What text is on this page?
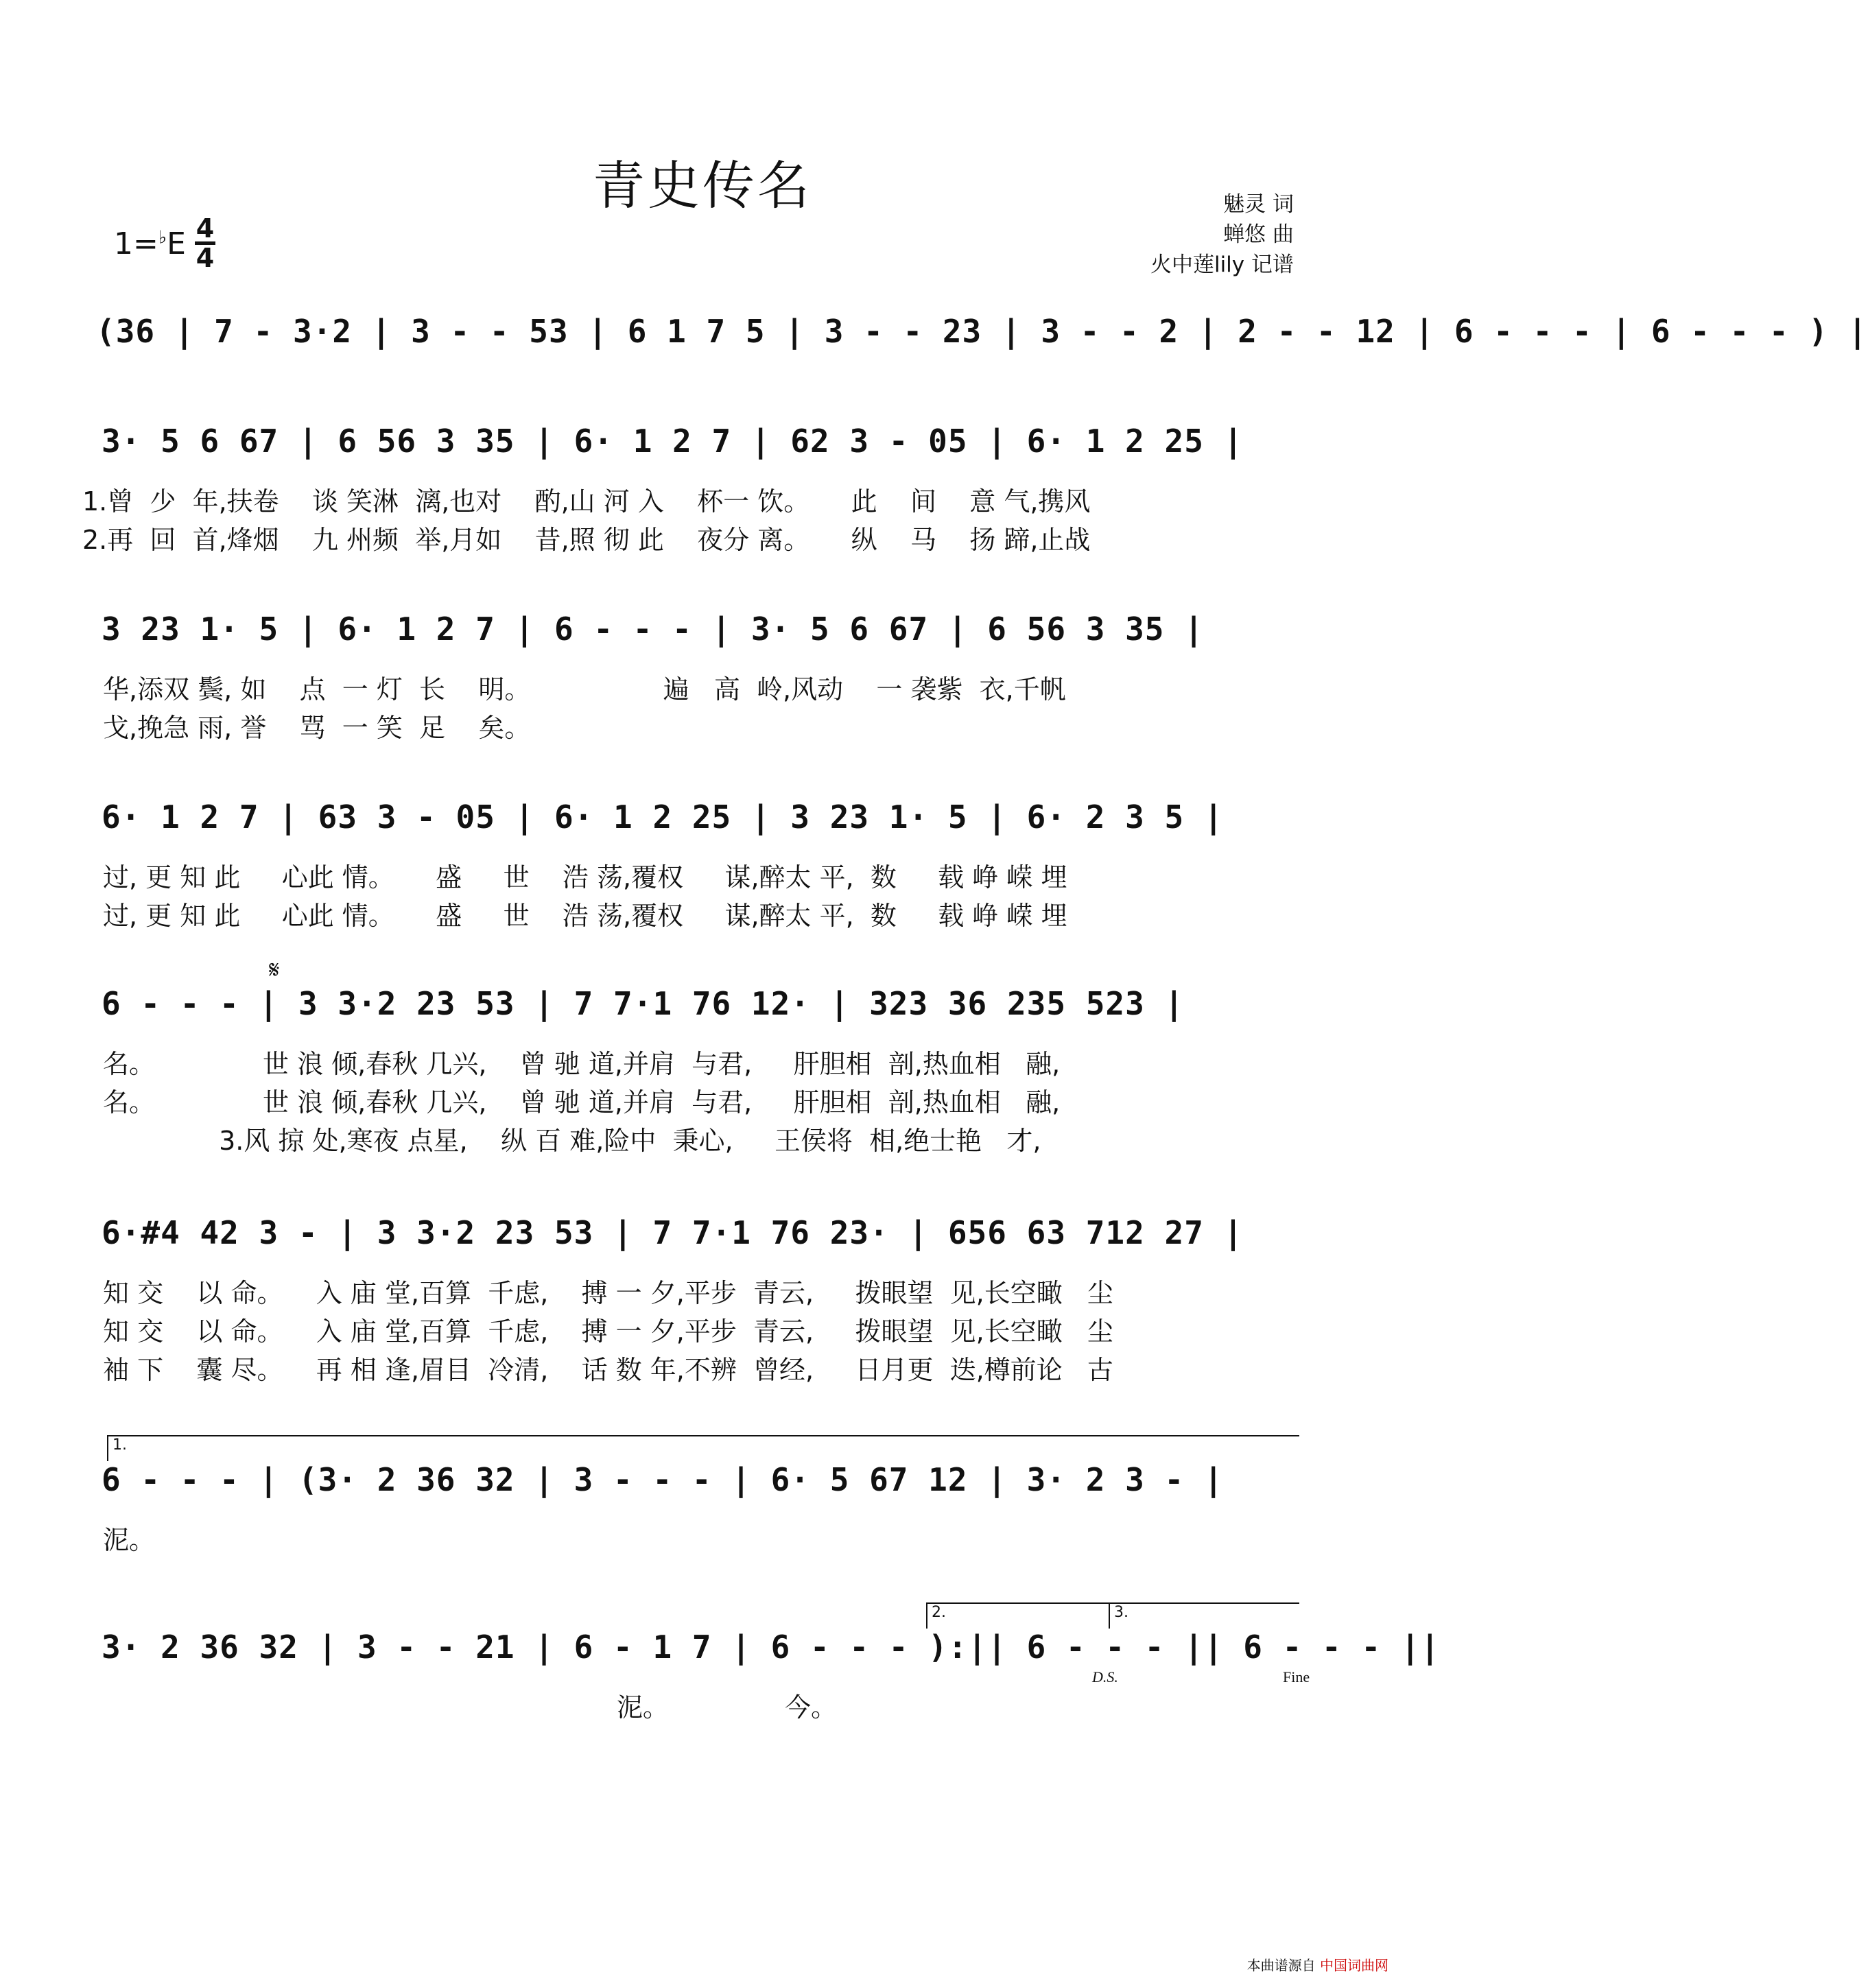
青史传名	魅灵 词
蝉悠 曲
火中莲lily 记谱
1=♭E 4
4
(36 | 7 - 3·2 | 3 - - 53 | 6 1 7 5 | 3 - - 23 | 3 - - 2 | 2 - - 12 | 6 - - - | 6 - - - ) |
3· 5 6 67 | 6 56 3 35 | 6· 1 2 7 | 62 3 - 05 | 6· 1 2 25 |
1.曾  少  年,扶卷    谈 笑淋  漓,也对    酌,山 河 入    杯一 饮。     此    间    意 气,携风
2.再  回  首,烽烟    九 州频  举,月如    昔,照 彻 此    夜分 离。     纵    马    扬 蹄,止战
3 23 1· 5 | 6· 1 2 7 | 6 - - - | 3· 5 6 67 | 6 56 3 35 |
华,添双 鬓, 如    点  一 灯  长    明。                遍   高  岭,风动    一 袭紫  衣,千帆
戈,挽急 雨, 誉    骂  一 笑  足    矣。
6· 1 2 7 | 63 3 - 05 | 6· 1 2 25 | 3 23 1· 5 | 6· 2 3 5 |
过, 更 知 此     心此 情。     盛     世    浩 荡,覆权     谋,醉太 平,  数     载 峥 嵘 埋
过, 更 知 此     心此 情。     盛     世    浩 荡,覆权     谋,醉太 平,  数     载 峥 嵘 埋
𝄋
6 - - - | 3 3·2 23 53 | 7 7·1 76 12· | 323 36 235 523 |
名。             世 浪 倾,春秋 几兴,    曾 驰 道,并肩  与君,     肝胆相  剖,热血相   融,
名。             世 浪 倾,春秋 几兴,    曾 驰 道,并肩  与君,     肝胆相  剖,热血相   融,
3.风 掠 处,寒夜 点星,    纵 百 难,险中  秉心,     王侯将  相,绝士艳   才,
6·#4 42 3 - | 3 3·2 23 53 | 7 7·1 76 23· | 656 63 712 27 |
知 交    以 命。    入 庙 堂,百算  千虑,    搏 一 夕,平步  青云,     拨眼望  见,长空瞰   尘
知 交    以 命。    入 庙 堂,百算  千虑,    搏 一 夕,平步  青云,     拨眼望  见,长空瞰   尘
袖 下    囊 尽。    再 相 逢,眉目  冷清,    话 数 年,不辨  曾经,     日月更  迭,樽前论   古
1.
6 - - - | (3· 2 36 32 | 3 - - - | 6· 5 67 12 | 3· 2 3 - |
泥。
2.	3.
3· 2 36 32 | 3 - - 21 | 6 - 1 7 | 6 - - - ):|| 6 - - - || 6 - - - ||
D.S.	Fine
泥。              今。
本曲谱源自 中国词曲网
